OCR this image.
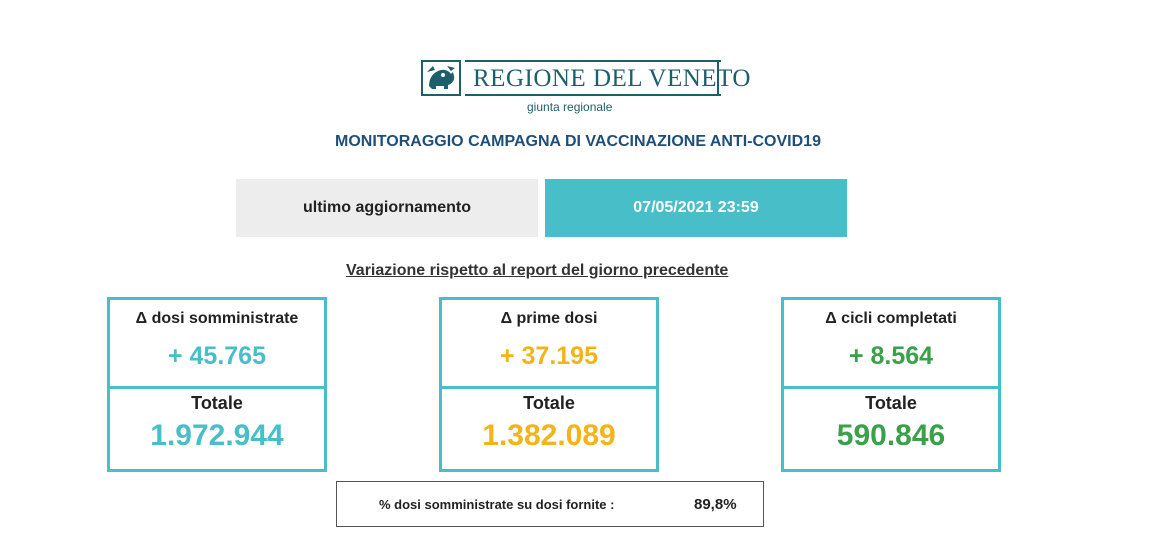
REGIONE DEL VENETO
giunta regionale
MONITORAGGIO CAMPAGNA DI VACCINAZIONE ANTI-COVID19
ultimo aggiornamento	07/05/2021 23:59
Variazione rispetto al report del giorno precedente
Δ dosi somministrate
+ 45.765
Totale
1.972.944
Δ prime dosi
+ 37.195
Totale
1.382.089
Δ cicli completati
+ 8.564
Totale
590.846
% dosi somministrate su dosi fornite :	89,8%
